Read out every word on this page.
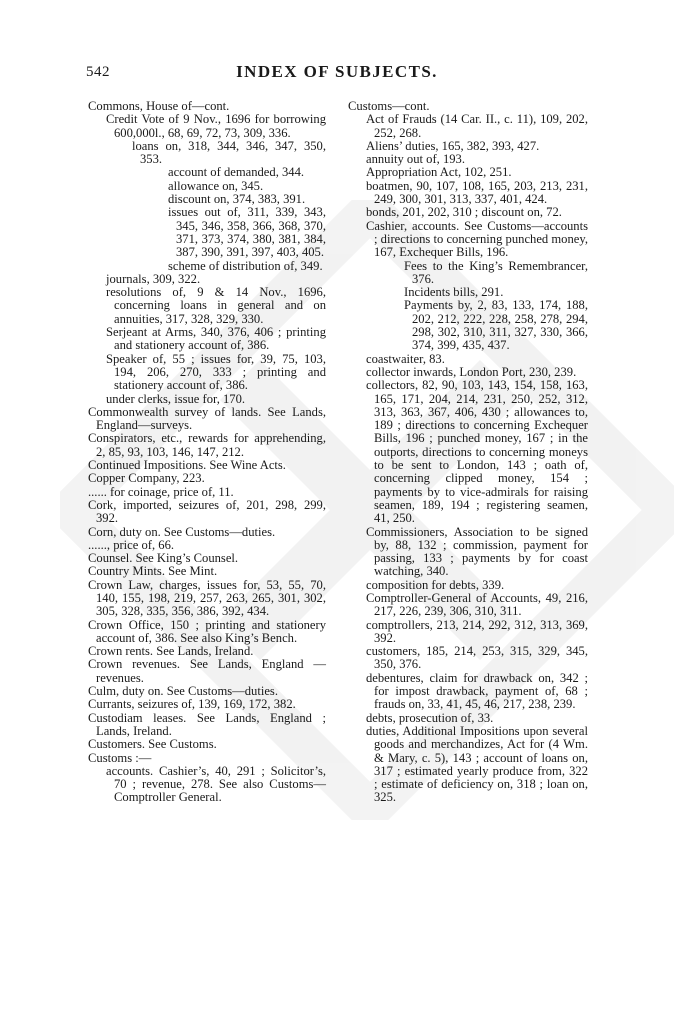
542	INDEX OF SUBJECTS.

Commons, House of—cont.

Credit Vote of 9 Nov., 1696 for borrowing 600,000l., 68, 69, 72, 73, 309, 336.

loans on, 318, 344, 346, 347, 350, 353.

account of demanded, 344.

allowance on, 345.

discount on, 374, 383, 391.

issues out of, 311, 339, 343, 345, 346, 358, 366, 368, 370, 371, 373, 374, 380, 381, 384, 387, 390, 391, 397, 403, 405.

scheme of distribution of, 349.

journals, 309, 322.

resolutions of, 9 & 14 Nov., 1696, concerning loans in general and on annuities, 317, 328, 329, 330.

Serjeant at Arms, 340, 376, 406 ; printing and stationery account of, 386.

Speaker of, 55 ; issues for, 39, 75, 103, 194, 206, 270, 333 ; printing and stationery account of, 386.

under clerks, issue for, 170.

Commonwealth survey of lands. See Lands, England—surveys.

Conspirators, etc., rewards for apprehending, 2, 85, 93, 103, 146, 147, 212.

Continued Impositions. See Wine Acts.

Copper Company, 223.

...... for coinage, price of, 11.

Cork, imported, seizures of, 201, 298, 299, 392.

Corn, duty on. See Customs—duties.

......, price of, 66.

Counsel. See King’s Counsel.

Country Mints. See Mint.

Crown Law, charges, issues for, 53, 55, 70, 140, 155, 198, 219, 257, 263, 265, 301, 302, 305, 328, 335, 356, 386, 392, 434.

Crown Office, 150 ; printing and stationery account of, 386. See also King’s Bench.

Crown rents. See Lands, Ireland.

Crown revenues. See Lands, England —revenues.

Culm, duty on. See Customs—duties.

Currants, seizures of, 139, 169, 172, 382.

Custodiam leases. See Lands, England ; Lands, Ireland.

Customers. See Customs.

Customs :—

accounts. Cashier’s, 40, 291 ; Solicitor’s, 70 ; revenue, 278. See also Customs—Comptroller General.

Customs—cont.

Act of Frauds (14 Car. II., c. 11), 109, 202, 252, 268.

Aliens’ duties, 165, 382, 393, 427.

annuity out of, 193.

Appropriation Act, 102, 251.

boatmen, 90, 107, 108, 165, 203, 213, 231, 249, 300, 301, 313, 337, 401, 424.

bonds, 201, 202, 310 ; discount on, 72.

Cashier, accounts. See Customs—accounts ; directions to concerning punched money, 167, Exchequer Bills, 196.

Fees to the King’s Remembrancer, 376.

Incidents bills, 291.

Payments by, 2, 83, 133, 174, 188, 202, 212, 222, 228, 258, 278, 294, 298, 302, 310, 311, 327, 330, 366, 374, 399, 435, 437.

coastwaiter, 83.

collector inwards, London Port, 230, 239.

collectors, 82, 90, 103, 143, 154, 158, 163, 165, 171, 204, 214, 231, 250, 252, 312, 313, 363, 367, 406, 430 ; allowances to, 189 ; directions to concerning Exchequer Bills, 196 ; punched money, 167 ; in the outports, directions to concerning moneys to be sent to London, 143 ; oath of, concerning clipped money, 154 ; payments by to vice-admirals for raising seamen, 189, 194 ; registering seamen, 41, 250.

Commissioners, Association to be signed by, 88, 132 ; commission, payment for passing, 133 ; payments by for coast watching, 340.

composition for debts, 339.

Comptroller-General of Accounts, 49, 216, 217, 226, 239, 306, 310, 311.

comptrollers, 213, 214, 292, 312, 313, 369, 392.

customers, 185, 214, 253, 315, 329, 345, 350, 376.

debentures, claim for drawback on, 342 ; for impost drawback, payment of, 68 ; frauds on, 33, 41, 45, 46, 217, 238, 239.

debts, prosecution of, 33.

duties, Additional Impositions upon several goods and merchandizes, Act for (4 Wm. & Mary, c. 5), 143 ; account of loans on, 317 ; estimated yearly produce from, 322 ; estimate of deficiency on, 318 ; loan on, 325.
